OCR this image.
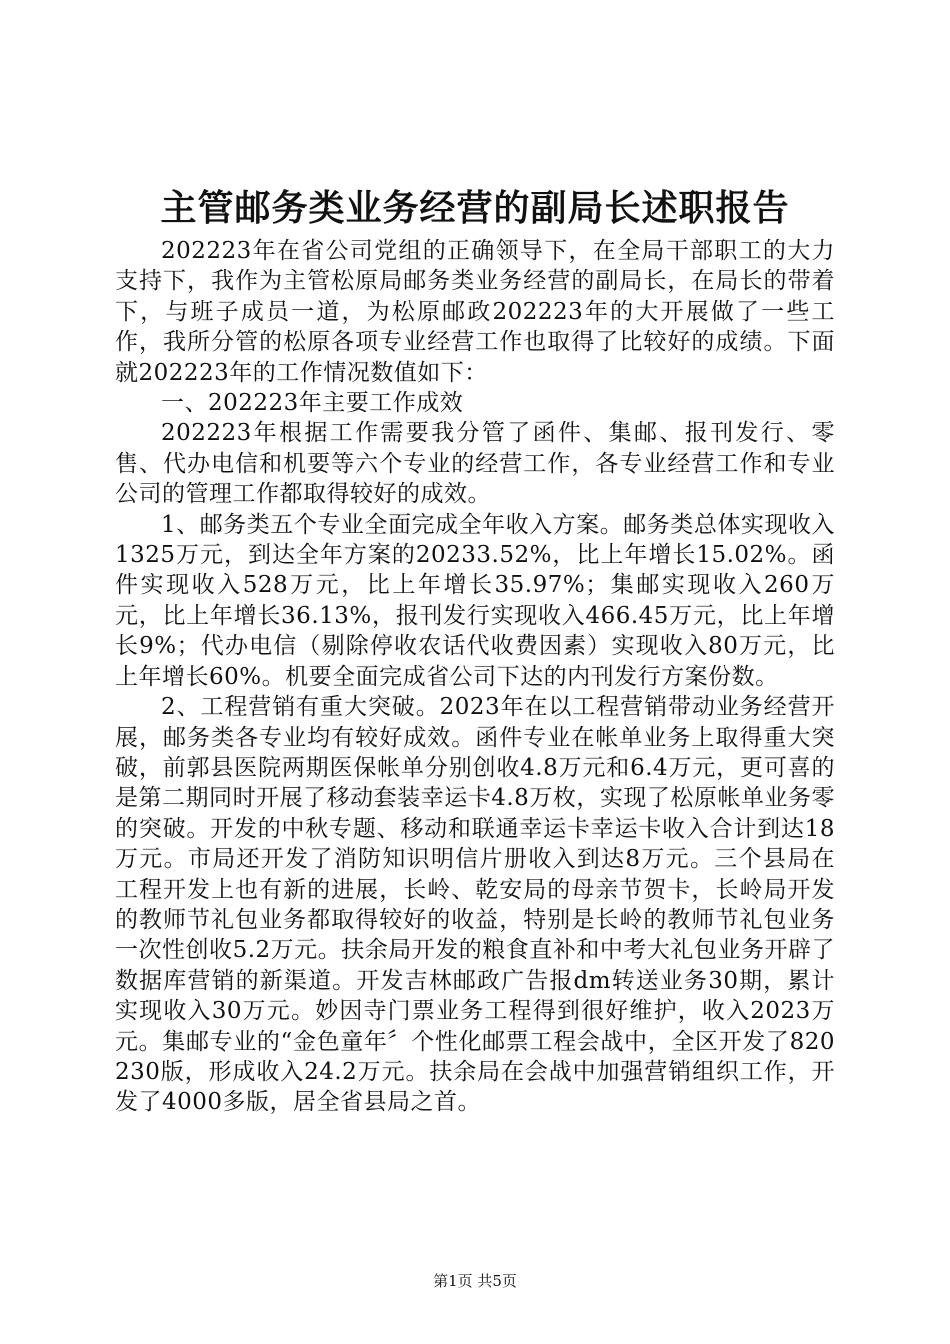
主管邮务类业务经营的副局长述职报告

202223年在省公司党组的正确领导下，在全局干部职工的大力支持下，我作为主管松原局邮务类业务经营的副局长，在局长的带着下，与班子成员一道，为松原邮政202223年的大开展做了一些工作，我所分管的松原各项专业经营工作也取得了比较好的成绩。下面就202223年的工作情况数值如下：

一、202223年主要工作成效

202223年根据工作需要我分管了函件、集邮、报刊发行、零售、代办电信和机要等六个专业的经营工作，各专业经营工作和专业公司的管理工作都取得较好的成效。

1、邮务类五个专业全面完成全年收入方案。邮务类总体实现收入1325万元，到达全年方案的20233.52%，比上年增长15.02%。函件实现收入528万元，比上年增长35.97%；集邮实现收入260万元，比上年增长36.13%，报刊发行实现收入466.45万元，比上年增长9%；代办电信（剔除停收农话代收费因素）实现收入80万元，比上年增长60%。机要全面完成省公司下达的内刊发行方案份数。

2、工程营销有重大突破。2023年在以工程营销带动业务经营开展，邮务类各专业均有较好成效。函件专业在帐单业务上取得重大突破，前郭县医院两期医保帐单分别创收4.8万元和6.4万元，更可喜的是第二期同时开展了移动套装幸运卡4.8万枚，实现了松原帐单业务零的突破。开发的中秋专题、移动和联通幸运卡幸运卡收入合计到达18万元。市局还开发了消防知识明信片册收入到达8万元。三个县局在工程开发上也有新的进展，长岭、乾安局的母亲节贺卡，长岭局开发的教师节礼包业务都取得较好的收益，特别是长岭的教师节礼包业务一次性创收5.2万元。扶余局开发的粮食直补和中考大礼包业务开辟了数据库营销的新渠道。开发吉林邮政广告报dm转送业务30期，累计实现收入30万元。妙因寺门票业务工程得到很好维护，收入2023万元。集邮专业的“金色童年〞个性化邮票工程会战中，全区开发了820230版，形成收入24.2万元。扶余局在会战中加强营销组织工作，开发了4000多版，居全省县局之首。

第1页 共5页
